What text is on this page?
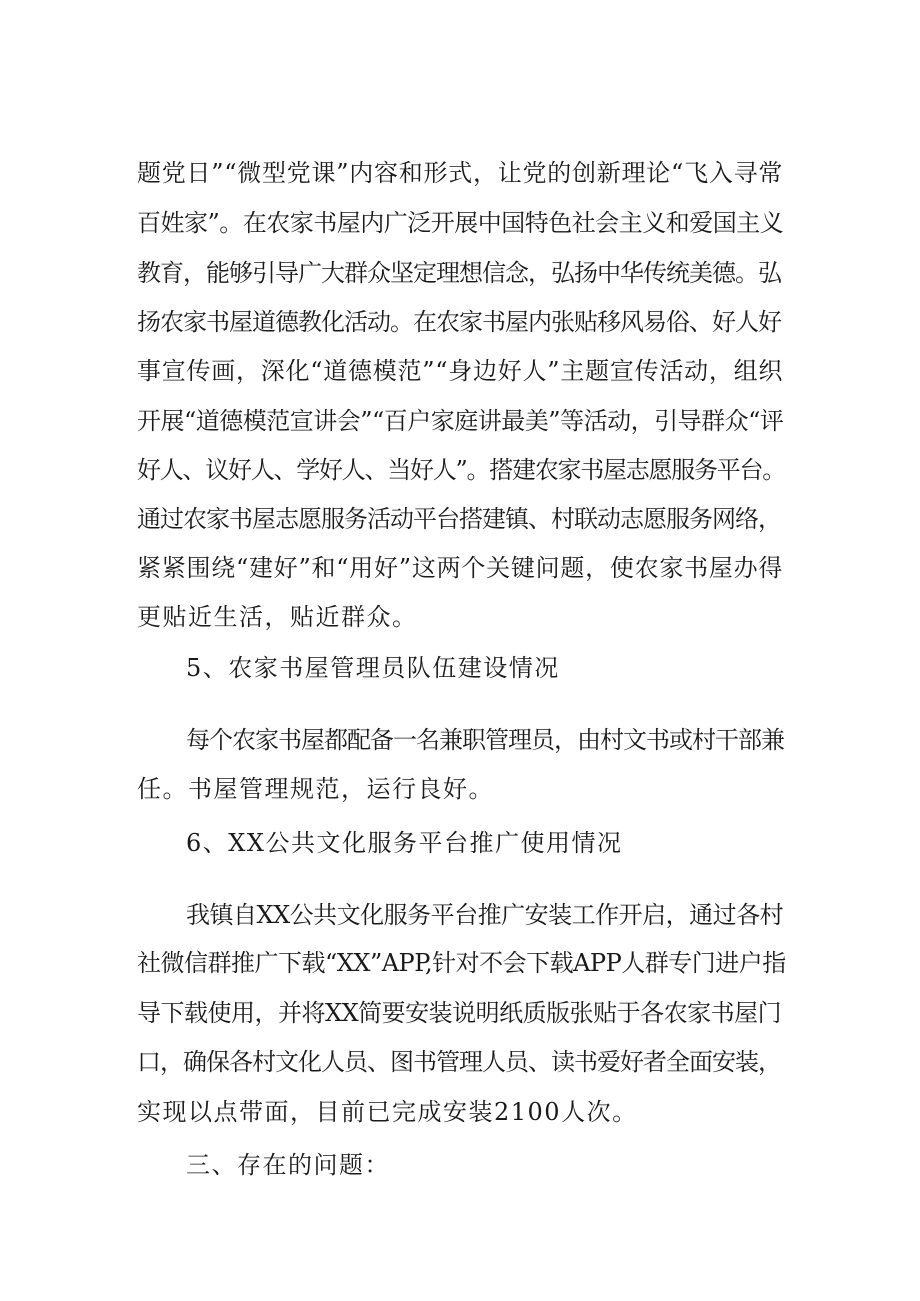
题党日”“微型党课”内容和形式，让党的创新理论“飞入寻常
百姓家”。在农家书屋内广泛开展中国特色社会主义和爱国主义
教育，能够引导广大群众坚定理想信念，弘扬中华传统美德。弘
扬农家书屋道德教化活动。在农家书屋内张贴移风易俗、好人好
事宣传画，深化“道德模范”“身边好人”主题宣传活动，组织
开展“道德模范宣讲会”“百户家庭讲最美”等活动，引导群众“评
好人、议好人、学好人、当好人”。搭建农家书屋志愿服务平台。
通过农家书屋志愿服务活动平台搭建镇、村联动志愿服务网络，
紧紧围绕“建好”和“用好”这两个关键问题，使农家书屋办得
更贴近生活，贴近群众。
5、农家书屋管理员队伍建设情况
每个农家书屋都配备一名兼职管理员，由村文书或村干部兼
任。书屋管理规范，运行良好。
6、XX公共文化服务平台推广使用情况
我镇自XX公共文化服务平台推广安装工作开启，通过各村
社微信群推广下载“XX”APP,针对不会下载APP人群专门进户指
导下载使用，并将XX简要安装说明纸质版张贴于各农家书屋门
口，确保各村文化人员、图书管理人员、读书爱好者全面安装，
实现以点带面，目前已完成安装2100人次。
三、存在的问题：
